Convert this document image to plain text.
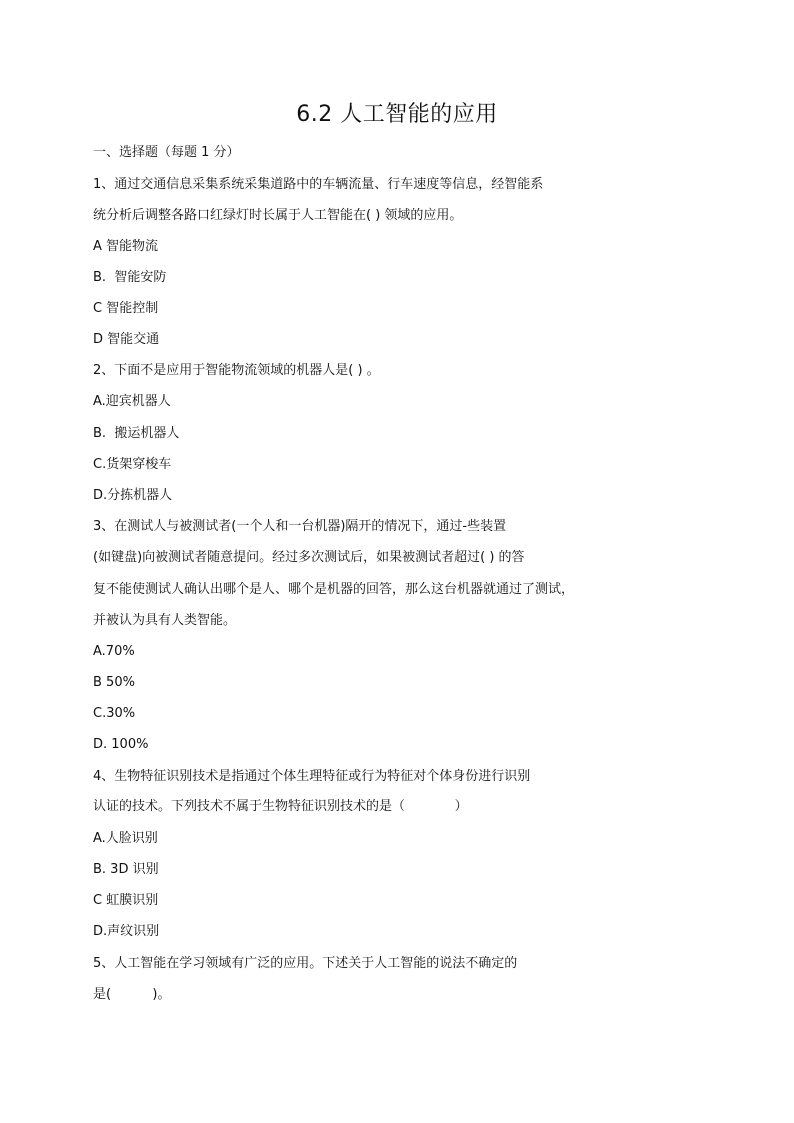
6.2 人工智能的应用
一、选择题（每题 1 分）
1、通过交通信息采集系统采集道路中的车辆流量、行车速度等信息，经智能系
统分析后调整各路口红绿灯时长属于人工智能在( ) 领域的应用。
A 智能物流
B.  智能安防
C 智能控制
D 智能交通
2、下面不是应用于智能物流领域的机器人是( ) 。
A.迎宾机器人
B.  搬运机器人
C.货架穿梭车
D.分拣机器人
3、在测试人与被测试者(一个人和一台机器)隔开的情况下，通过-些装置
(如键盘)向被测试者随意提问。经过多次测试后，如果被测试者超过( ) 的答
复不能使测试人确认出哪个是人、哪个是机器的回答，那么这台机器就通过了测试，
并被认为具有人类智能。
A.70%
B 50%
C.30%
D. 100%
4、生物特征识别技术是指通过个体生理特征或行为特征对个体身份进行识别
认证的技术。下列技术不属于生物特征识别技术的是（            ）
A.人脸识别
B. 3D 识别
C 虹膜识别
D.声纹识别
5、人工智能在学习领域有广泛的应用。下述关于人工智能的说法不确定的
是(          )。
